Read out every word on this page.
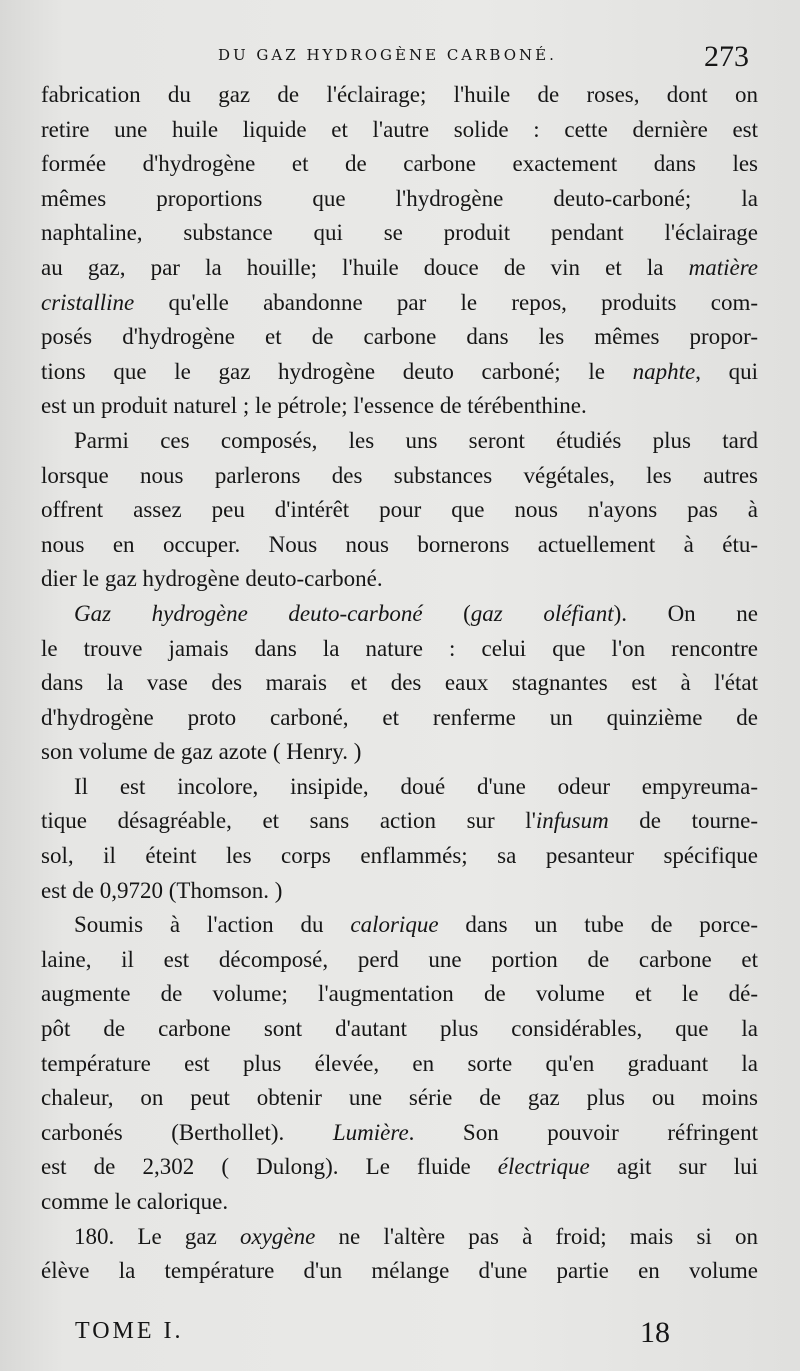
DU GAZ HYDROGÈNE CARBONÉ.	273
fabrication du gaz de l'éclairage; l'huile de roses, dont on
retire une huile liquide et l'autre solide : cette dernière est
formée d'hydrogène et de carbone exactement dans les
mêmes proportions que l'hydrogène deuto-carboné; la
naphtaline, substance qui se produit pendant l'éclairage
au gaz, par la houille; l'huile douce de vin et la matière
cristalline qu'elle abandonne par le repos, produits com-
posés d'hydrogène et de carbone dans les mêmes propor-
tions que le gaz hydrogène deuto carboné; le naphte, qui
est un produit naturel ; le pétrole; l'essence de térébenthine.
Parmi ces composés, les uns seront étudiés plus tard
lorsque nous parlerons des substances végétales, les autres
offrent assez peu d'intérêt pour que nous n'ayons pas à
nous en occuper. Nous nous bornerons actuellement à étu-
dier le gaz hydrogène deuto-carboné.
Gaz hydrogène deuto-carboné (gaz oléfiant). On ne
le trouve jamais dans la nature : celui que l'on rencontre
dans la vase des marais et des eaux stagnantes est à l'état
d'hydrogène proto carboné, et renferme un quinzième de
son volume de gaz azote ( Henry. )
Il est incolore, insipide, doué d'une odeur empyreuma-
tique désagréable, et sans action sur l'infusum de tourne-
sol, il éteint les corps enflammés; sa pesanteur spécifique
est de 0,9720 (Thomson. )
Soumis à l'action du calorique dans un tube de porce-
laine, il est décomposé, perd une portion de carbone et
augmente de volume; l'augmentation de volume et le dé-
pôt de carbone sont d'autant plus considérables, que la
température est plus élevée, en sorte qu'en graduant la
chaleur, on peut obtenir une série de gaz plus ou moins
carbonés (Berthollet). Lumière. Son pouvoir réfringent
est de 2,302 ( Dulong). Le fluide électrique agit sur lui
comme le calorique.
180. Le gaz oxygène ne l'altère pas à froid; mais si on
élève la température d'un mélange d'une partie en volume
TOME I.	18
